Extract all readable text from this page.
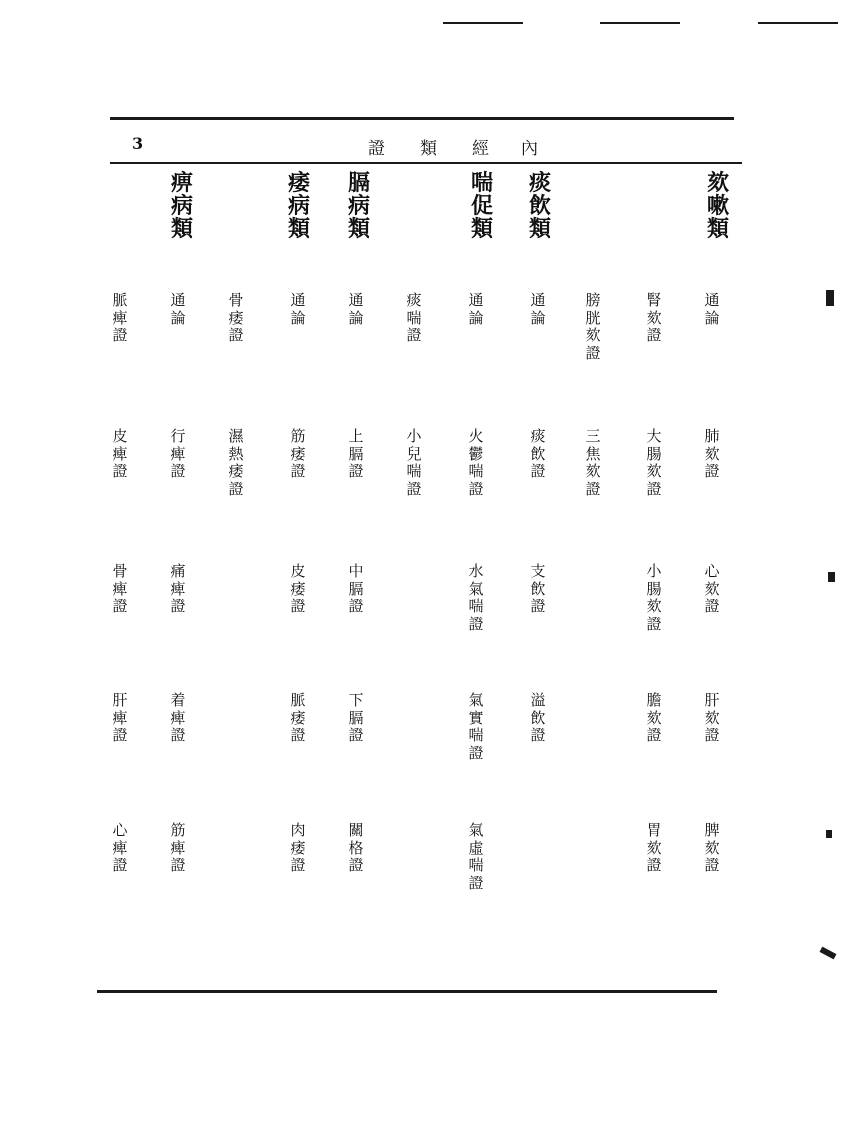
3	證 類 經 內
欬
嗽
類
痰
飲
類
喘
促
類
膈
病
類
痿
病
類
痹
病
類
通
論
腎
欬
證
膀
胱
欬
證
通
論
通
論
痰
喘
證
通
論
通
論
骨
痿
證
通
論
脈
痺
證
肺
欬
證
大
腸
欬
證
三
焦
欬
證
痰
飲
證
火
鬱
喘
證
小
兒
喘
證
上
膈
證
筋
痿
證
濕
熱
痿
證
行
痺
證
皮
痺
證
心
欬
證
小
腸
欬
證
支
飲
證
水
氣
喘
證
中
膈
證
皮
痿
證
痛
痺
證
骨
痺
證
肝
欬
證
膽
欬
證
溢
飲
證
氣
實
喘
證
下
膈
證
脈
痿
證
着
痺
證
肝
痺
證
脾
欬
證
胃
欬
證
氣
虛
喘
證
關
格
證
肉
痿
證
筋
痺
證
心
痺
證
